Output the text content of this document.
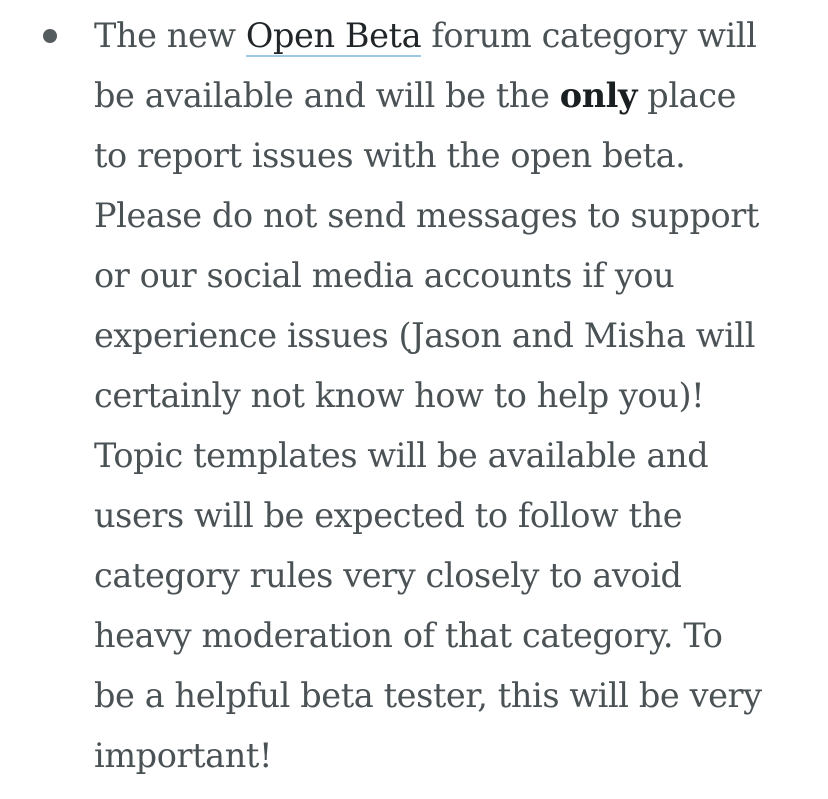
The new Open Beta forum category will be available and will be the only place to report issues with the open beta. Please do not send messages to support or our social media accounts if you experience issues (Jason and Misha will certainly not know how to help you)! Topic templates will be available and users will be expected to follow the category rules very closely to avoid heavy moderation of that category. To be a helpful beta tester, this will be very important!
